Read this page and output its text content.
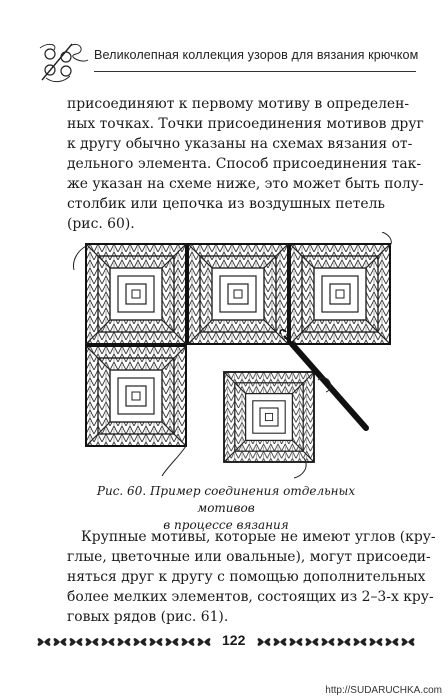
Великолепная коллекция узоров для вязания крючком
присоединяют к первому мотиву в определен-
ных точках. Точки присоединения мотивов друг
к другу обычно указаны на схемах вязания от-
дельного элемента. Способ присоединения так-
же указан на схеме ниже, это может быть полу-
столбик или цепочка из воздушных петель
(рис. 60).
Рис. 60. Пример соединения отдельных мотивов
в процессе вязания
Крупные мотивы, которые не имеют углов (кру-
глые, цветочные или овальные), могут присоеди-
няться друг к другу с помощью дополнительных
более мелких элементов, состоящих из 2–3-х кру-
говых рядов (рис. 61).
122
http://SUDARUCHKA.com
